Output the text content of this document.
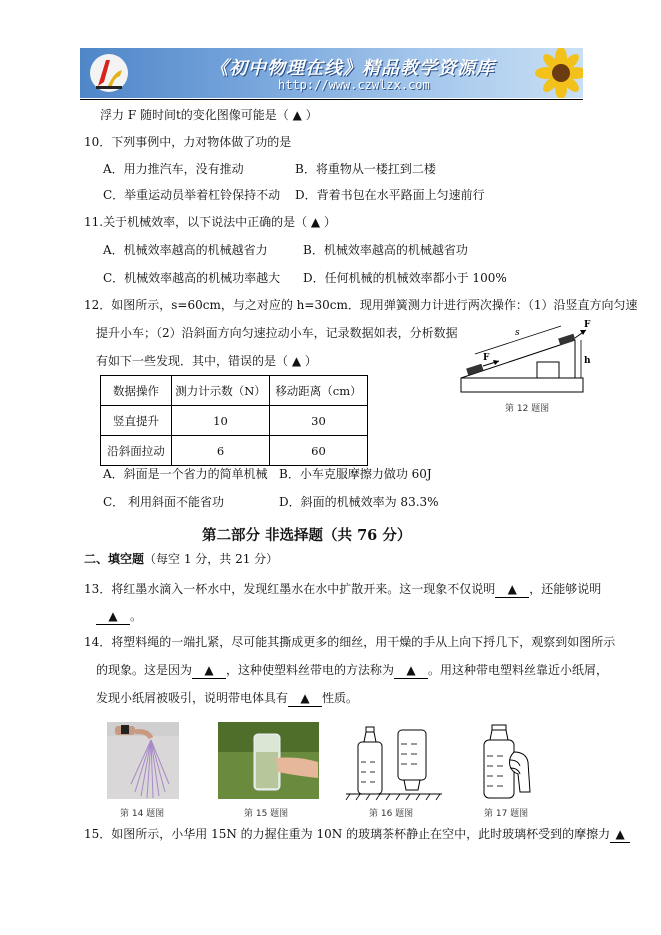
《初中物理在线》精品教学资源库
http://www.czwlzx.com
浮力 F 随时间t的变化图像可能是（ ▲ ）
10．下列事例中，力对物体做了功的是
A．用力推汽车，没有推动	B．将重物从一楼扛到二楼
C．举重运动员举着杠铃保持不动 D．背着书包在水平路面上匀速前行
11.关于机械效率，以下说法中正确的是（ ▲ ）
A．机械效率越高的机械越省力	B．机械效率越高的机械越省功
C．机械效率越高的机械功率越大 D．任何机械的机械效率都小于 100%
12．如图所示，s=60cm，与之对应的 h=30cm．现用弹簧测力计进行两次操作：（1）沿竖直方向匀速
提升小车；（2）沿斜面方向匀速拉动小车，记录数据如表，分析数据
有如下一些发现．其中，错误的是（ ▲ ）
s
F
F	h
第 12 题图
数据操作	测力计示数（N）	移动距离（cm）
竖直提升	10	30
沿斜面拉动	6	60
A．斜面是一个省力的简单机械 B．小车克服摩擦力做功 60J
C． 利用斜面不能省功	D．斜面的机械效率为 83.3%
第二部分 非选择题（共 76 分）
二、填空题（每空 1 分，共 21 分）
13．将红墨水滴入一杯水中，发现红墨水在水中扩散开来。这一现象不仅说明 ▲ ，还能够说明
▲ 。
14．将塑料绳的一端扎紧，尽可能其撕成更多的细丝，用干燥的手从上向下捋几下，观察到如图所示
的现象。这是因为 ▲ ，这种使塑料丝带电的方法称为 ▲ 。用这种带电塑料丝靠近小纸屑，
发现小纸屑被吸引，说明带电体具有 ▲ 性质。
第 14 题图	第 15 题图	第 16 题图	第 17 题图
15．如图所示，小华用 15N 的力握住重为 10N 的玻璃茶杯静止在空中，此时玻璃杯受到的摩擦力 ▲
